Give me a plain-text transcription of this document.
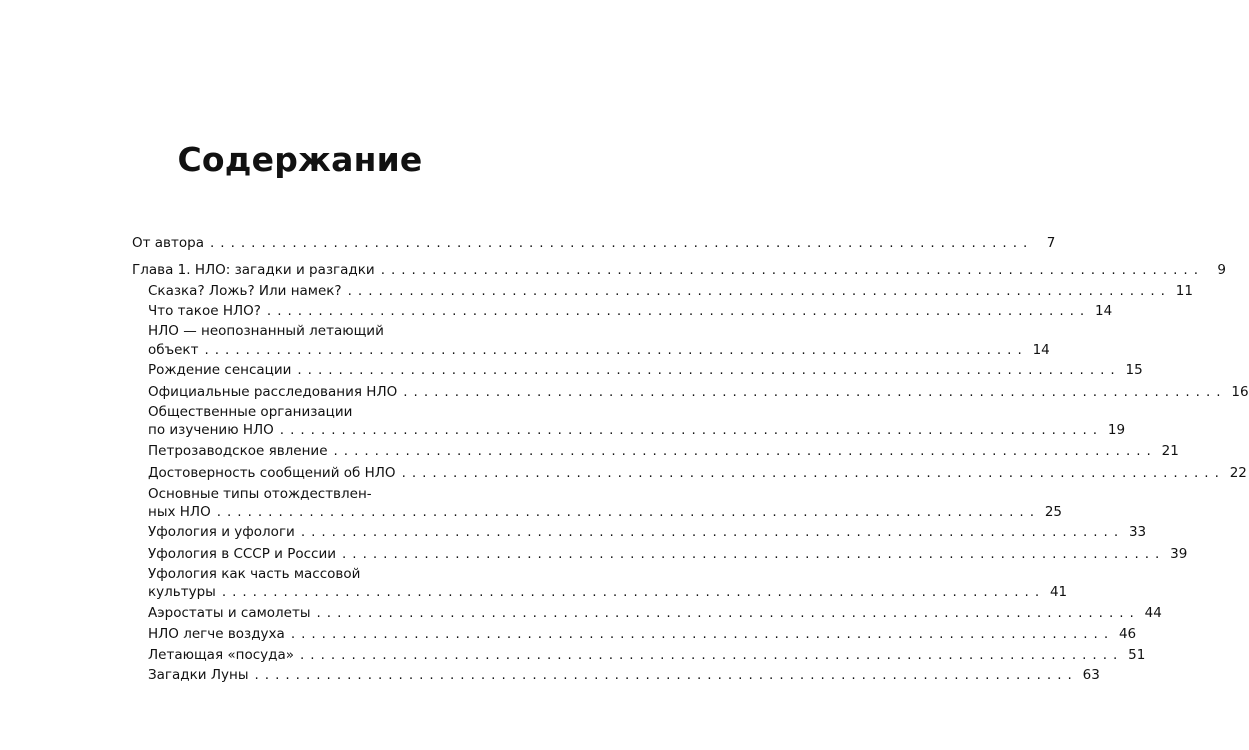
Содержание
От автора ................................................................................ 7
Глава 1. НЛО: загадки и разгадки ................................................................................ 9
Сказка? Ложь? Или намек? ................................................................................ 11
Что такое НЛО? ................................................................................ 14
НЛО — неопознанный летающий
объект ................................................................................ 14
Рождение сенсации ................................................................................ 15
Официальные расследования НЛО ................................................................................ 16
Общественные организации
по изучению НЛО ................................................................................ 19
Петрозаводское явление ................................................................................ 21
Достоверность сообщений об НЛО ................................................................................ 22
Основные типы отождествлен-
ных НЛО ................................................................................ 25
Уфология и уфологи ................................................................................ 33
Уфология в СССР и России ................................................................................ 39
Уфология как часть массовой
культуры ................................................................................ 41
Аэростаты и самолеты ................................................................................ 44
НЛО легче воздуха ................................................................................ 46
Летающая «посуда» ................................................................................ 51
Загадки Луны ................................................................................ 63
